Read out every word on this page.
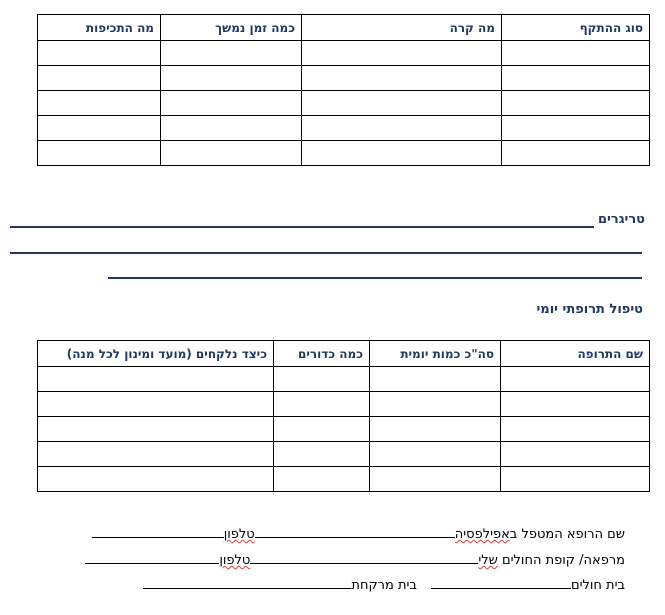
סוג ההתקף	מה קרה	כמה זמן נמשך	מה התכיפות

טריגרים
טיפול תרופתי יומי
שם התרופה	סה"כ כמות יומית	כמה כדורים	כיצד נלקחים (מועד ומינון לכל מנה)

שם הרופא המטפל באפילפסיהטלפון
מרפאה/ קופת החולים שליטלפון
בית חוליםבית מרקחת
